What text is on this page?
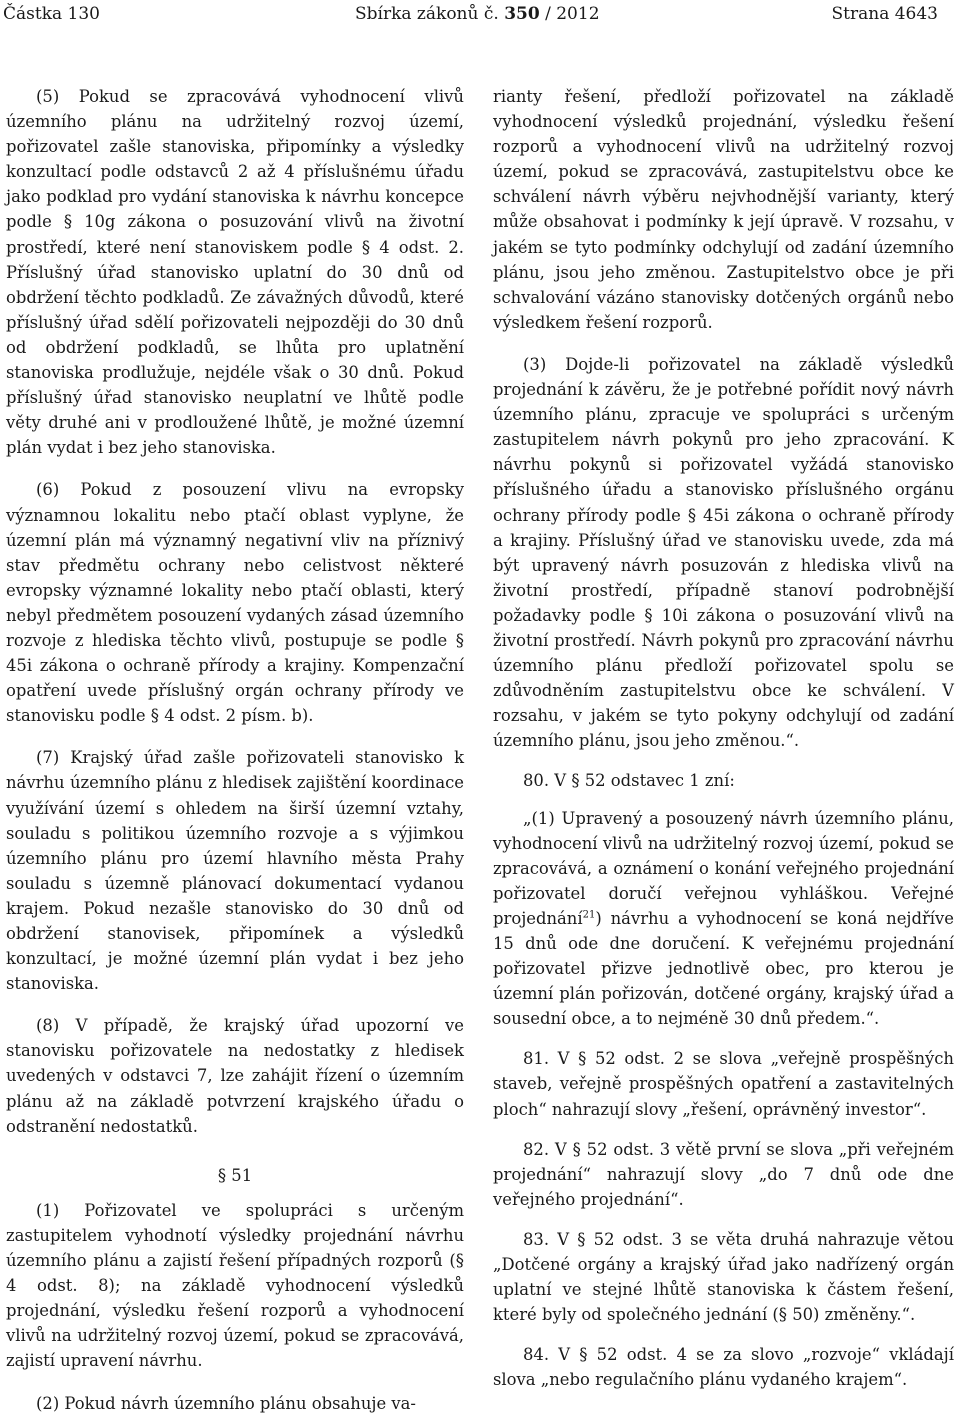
Částka 130	Sbírka zákonů č. 350 / 2012	Strana 4643

(5) Pokud se zpracovává vyhodnocení vlivů územního plánu na udržitelný rozvoj území, pořizovatel zašle stanoviska, připomínky a výsledky konzultací podle odstavců 2 až 4 příslušnému úřadu jako podklad pro vydání stanoviska k návrhu koncepce podle § 10g zákona o posuzování vlivů na životní prostředí, které není stanoviskem podle § 4 odst. 2. Příslušný úřad stanovisko uplatní do 30 dnů od obdržení těchto podkladů. Ze závažných důvodů, které příslušný úřad sdělí pořizovateli nejpozději do 30 dnů od obdržení podkladů, se lhůta pro uplatnění stanoviska prodlužuje, nejdéle však o 30 dnů. Pokud příslušný úřad stanovisko neuplatní ve lhůtě podle věty druhé ani v prodloužené lhůtě, je možné územní plán vydat i bez jeho stanoviska.

(6) Pokud z posouzení vlivu na evropsky významnou lokalitu nebo ptačí oblast vyplyne, že územní plán má významný negativní vliv na příznivý stav předmětu ochrany nebo celistvost některé evropsky významné lokality nebo ptačí oblasti, který nebyl předmětem posouzení vydaných zásad územního rozvoje z hlediska těchto vlivů, postupuje se podle § 45i zákona o ochraně přírody a krajiny. Kompenzační opatření uvede příslušný orgán ochrany přírody ve stanovisku podle § 4 odst. 2 písm. b).

(7) Krajský úřad zašle pořizovateli stanovisko k návrhu územního plánu z hledisek zajištění koordinace využívání území s ohledem na širší územní vztahy, souladu s politikou územního rozvoje a s výjimkou územního plánu pro území hlavního města Prahy souladu s územně plánovací dokumentací vydanou krajem. Pokud nezašle stanovisko do 30 dnů od obdržení stanovisek, připomínek a výsledků konzultací, je možné územní plán vydat i bez jeho stanoviska.

(8) V případě, že krajský úřad upozorní ve stanovisku pořizovatele na nedostatky z hledisek uvedených v odstavci 7, lze zahájit řízení o územním plánu až na základě potvrzení krajského úřadu o odstranění nedostatků.

§ 51

(1) Pořizovatel ve spolupráci s určeným zastupitelem vyhodnotí výsledky projednání návrhu územního plánu a zajistí řešení případných rozporů (§ 4 odst. 8); na základě vyhodnocení výsledků projednání, výsledku řešení rozporů a vyhodnocení vlivů na udržitelný rozvoj území, pokud se zpracovává, zajistí upravení návrhu.

(2) Pokud návrh územního plánu obsahuje va-

rianty řešení, předloží pořizovatel na základě vyhodnocení výsledků projednání, výsledku řešení rozporů a vyhodnocení vlivů na udržitelný rozvoj území, pokud se zpracovává, zastupitelstvu obce ke schválení návrh výběru nejvhodnější varianty, který může obsahovat i podmínky k její úpravě. V rozsahu, v jakém se tyto podmínky odchylují od zadání územního plánu, jsou jeho změnou. Zastupitelstvo obce je při schvalování vázáno stanovisky dotčených orgánů nebo výsledkem řešení rozporů.

(3) Dojde-li pořizovatel na základě výsledků projednání k závěru, že je potřebné pořídit nový návrh územního plánu, zpracuje ve spolupráci s určeným zastupitelem návrh pokynů pro jeho zpracování. K návrhu pokynů si pořizovatel vyžádá stanovisko příslušného úřadu a stanovisko příslušného orgánu ochrany přírody podle § 45i zákona o ochraně přírody a krajiny. Příslušný úřad ve stanovisku uvede, zda má být upravený návrh posuzován z hlediska vlivů na životní prostředí, případně stanoví podrobnější požadavky podle § 10i zákona o posuzování vlivů na životní prostředí. Návrh pokynů pro zpracování návrhu územního plánu předloží pořizovatel spolu se zdůvodněním zastupitelstvu obce ke schválení. V rozsahu, v jakém se tyto pokyny odchylují od zadání územního plánu, jsou jeho změnou.“.

80. V § 52 odstavec 1 zní:

„(1) Upravený a posouzený návrh územního plánu, vyhodnocení vlivů na udržitelný rozvoj území, pokud se zpracovává, a oznámení o konání veřejného projednání pořizovatel doručí veřejnou vyhláškou. Veřejné projednání$^{21}$) návrhu a vyhodnocení se koná nejdříve 15 dnů ode dne doručení. K veřejnému projednání pořizovatel přizve jednotlivě obec, pro kterou je územní plán pořizován, dotčené orgány, krajský úřad a sousední obce, a to nejméně 30 dnů předem.“.

81. V § 52 odst. 2 se slova „veřejně prospěšných staveb, veřejně prospěšných opatření a zastavitelných ploch“ nahrazují slovy „řešení, oprávněný investor“.

82. V § 52 odst. 3 větě první se slova „při veřejném projednání“ nahrazují slovy „do 7 dnů ode dne veřejného projednání“.

83. V § 52 odst. 3 se věta druhá nahrazuje větou „Dotčené orgány a krajský úřad jako nadřízený orgán uplatní ve stejné lhůtě stanoviska k částem řešení, které byly od společného jednání (§ 50) změněny.“.

84. V § 52 odst. 4 se za slovo „rozvoje“ vkládají slova „nebo regulačního plánu vydaného krajem“.
